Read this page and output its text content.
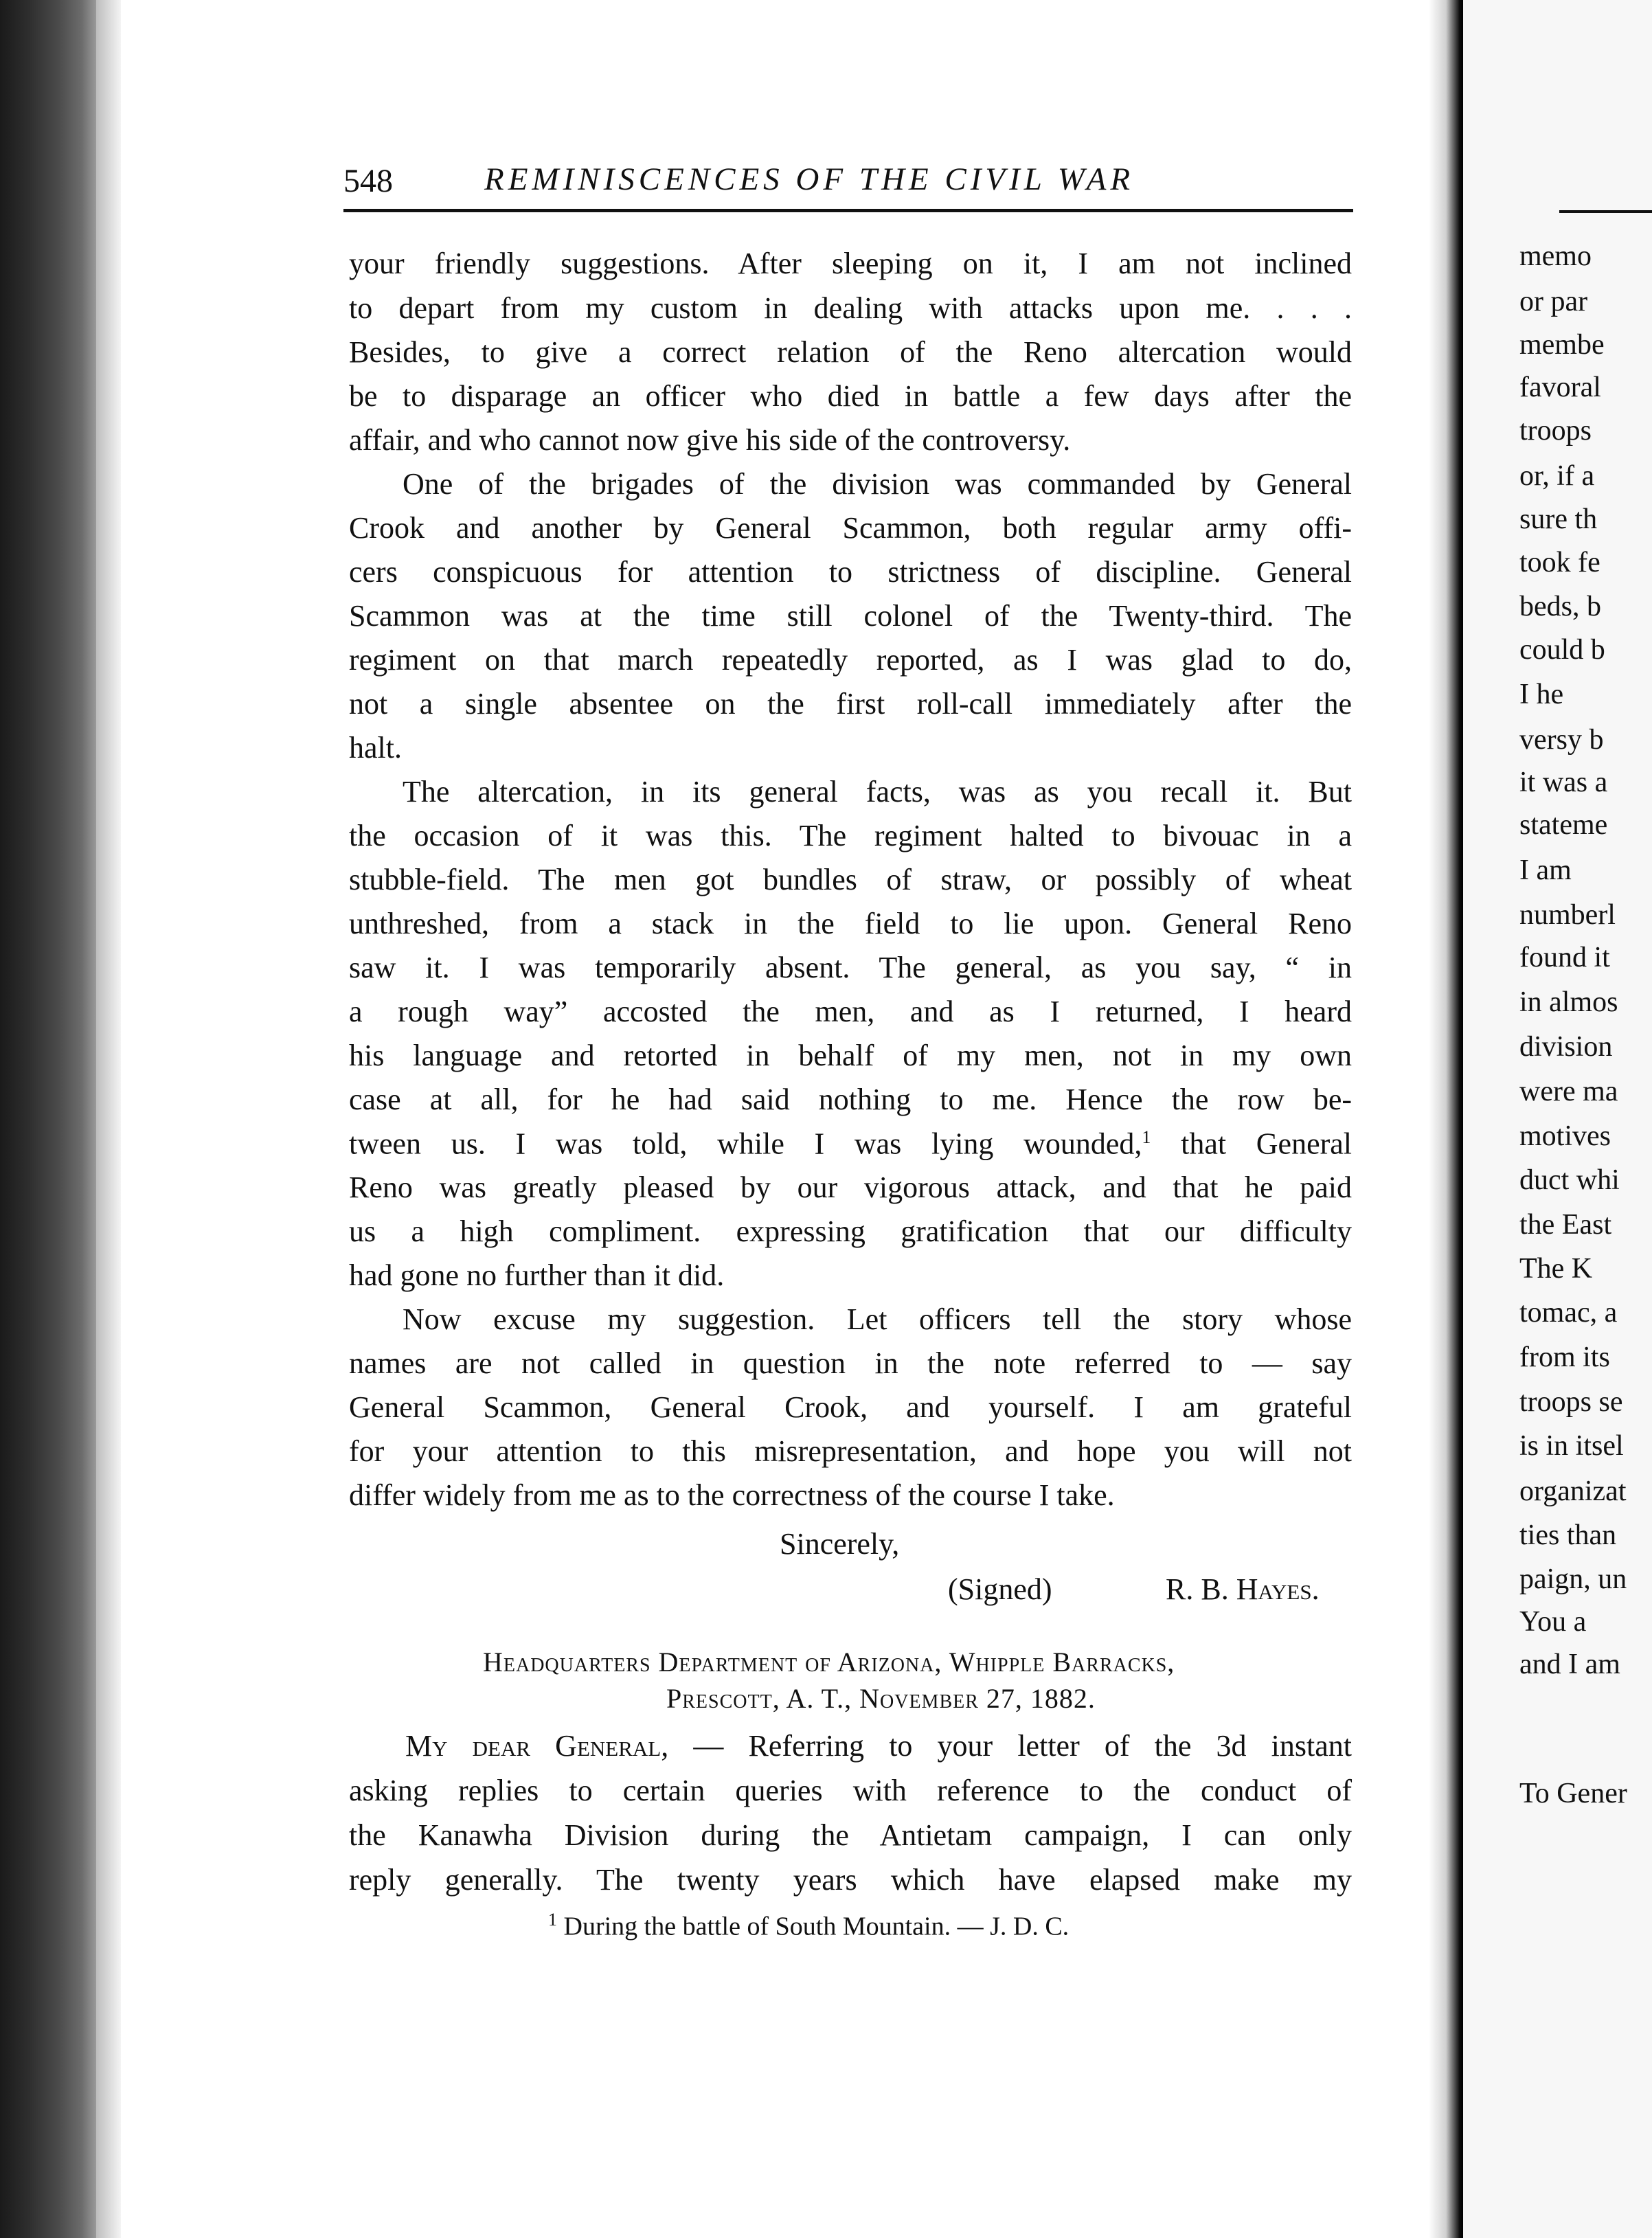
548	REMINISCENCES OF THE CIVIL WAR
your friendly suggestions. After sleeping on it, I am not inclined
to depart from my custom in dealing with attacks upon me. . . .
Besides, to give a correct relation of the Reno altercation would
be to disparage an officer who died in battle a few days after the
affair, and who cannot now give his side of the controversy.
One of the brigades of the division was commanded by General
Crook and another by General Scammon, both regular army offi-
cers conspicuous for attention to strictness of discipline. General
Scammon was at the time still colonel of the Twenty-third. The
regiment on that march repeatedly reported, as I was glad to do,
not a single absentee on the first roll-call immediately after the
halt.
The altercation, in its general facts, was as you recall it. But
the occasion of it was this. The regiment halted to bivouac in a
stubble-field. The men got bundles of straw, or possibly of wheat
unthreshed, from a stack in the field to lie upon. General Reno
saw it. I was temporarily absent. The general, as you say, “ in
a rough way” accosted the men, and as I returned, I heard
his language and retorted in behalf of my men, not in my own
case at all, for he had said nothing to me. Hence the row be-
tween us. I was told, while I was lying wounded,$^1$ that General
Reno was greatly pleased by our vigorous attack, and that he paid
us a high compliment. expressing gratification that our difficulty
had gone no further than it did.
Now excuse my suggestion. Let officers tell the story whose
names are not called in question in the note referred to — say
General Scammon, General Crook, and yourself. I am grateful
for your attention to this misrepresentation, and hope you will not
differ widely from me as to the correctness of the course I take.
Sincerely,
(Signed)	R. B. Hayes.
Headquarters Department of Arizona, Whipple Barracks,
Prescott, A. T., November 27, 1882.
My dear General, — Referring to your letter of the 3d instant
asking replies to certain queries with reference to the conduct of
the Kanawha Division during the Antietam campaign, I can only
reply generally. The twenty years which have elapsed make my
$^1$ During the battle of South Mountain. — J. D. C.
memo
or par
membe
favoral
troops
or, if a
sure th
took fe
beds, b
could b
I he
versy b
it was a
stateme
I am
numberl
found it
in almos
division
were ma
motives
duct whi
the East
The K
tomac, a
from its
troops se
is in itsel
organizat
ties than
paign, un
You a
and I am
To Gener
